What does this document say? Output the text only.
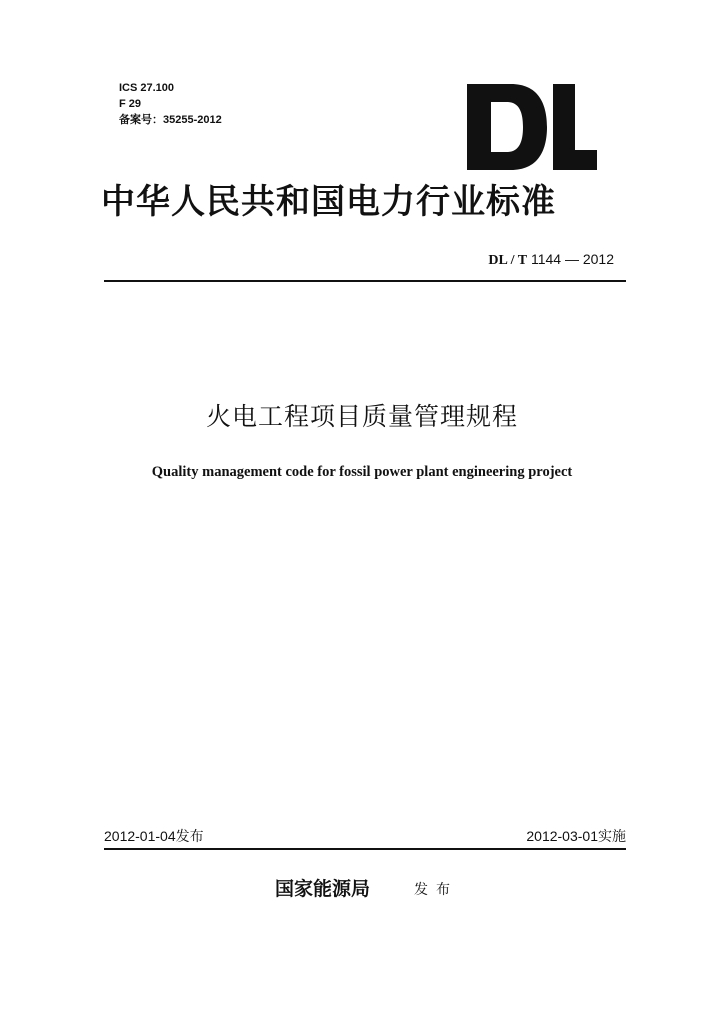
ICS 27.100
F 29
备案号：35255-2012
中华人民共和国电力行业标准
DL / T 1144 — 2012
火电工程项目质量管理规程
Quality management code for fossil power plant engineering project
2012-01-04发布	2012-03-01实施
国家能源局	发布
